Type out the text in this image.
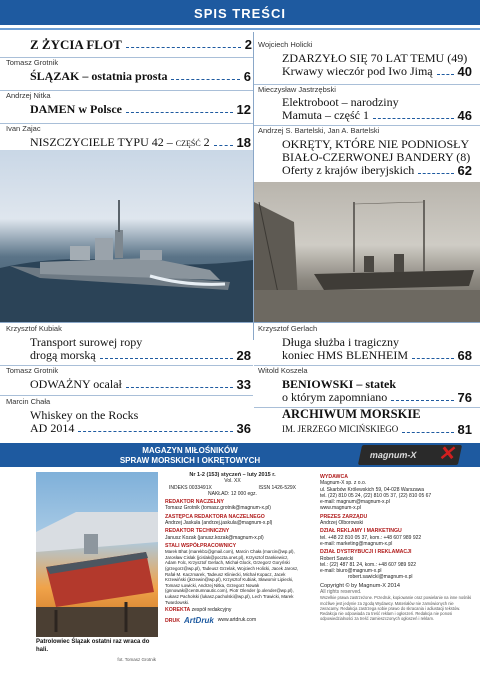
SPIS TREŚCI
Z ŻYCIA FLOT	2
Tomasz Grotnik
ŚLĄZAK – ostatnia prosta	6
Andrzej Nitka
DAMEN w Polsce	12
Ivan Zajac
NISZCZYCIELE TYPU 42 – część 2 18
Wojciech Holicki
ZDARZYŁO SIĘ 70 LAT TEMU (49)
Krwawy wieczór pod Iwo Jimą 40
Mieczysław Jastrzębski
Elektroboot – narodziny
Mamuta – część 1	46
Andrzej S. Bartelski, Jan A. Bartelski
OKRĘTY, KTÓRE NIE PODNIOSŁY
BIAŁO-CZERWONEJ BANDERY (8)
Oferty z krajów iberyjskich	62
Krzysztof Kubiak
Transport surowej ropy
drogą morską	28
Tomasz Grotnik
ODWAŻNY ocalał	33
Marcin Chała
Whiskey on the Rocks
AD 2014	36
Krzysztof Gerlach
Długa służba i tragiczny
koniec HMS BLENHEIM	68
Witold Koszela
BENIOWSKI – statek
o którym zapomniano	76
ARCHIWUM MORSKIE
IM. JERZEGO MICIŃSKIEGO	81
MAGAZYN MIŁOŚNIKÓW
SPRAW MORSKICH I OKRĘTOWYCH
magnum-X ✕
Patrolowiec Ślązak ostatni raz wraca do hali.
fot. Tomasz Grotnik
Nr 1-2 (153) styczeń – luty 2015 r.
Vol. XX
INDEKS 0033491X	ISSN 1426-529X
NAKŁAD: 12 000 egz.
REDAKTOR NACZELNY
Tomasz Grotnik (tomasz.grotnik@magnum-x.pl)
ZASTĘPCA REDAKTORA NACZELNEGO
Andrzej Jaskuła (andrzej.jaskula@magnum-x.pl)
REDAKTOR TECHNICZNY
Janusz Kozak (janusz.kozak@magnum-x.pl)
STALI WSPÓŁPRACOWNICY
Marek Bhat (marekb1@gmail.com), Marcin Chała (marcin@wp.pl), Jarosław Cislak (jcislak@poczta.onet.pl), Krzysztof Dankiewicz, Adam Folc, Krzysztof Gerlach, Michał Glock, Grzegorz Goryński (grzegorz@wp.pl), Tadeusz Grzelak, Wojciech Holicki, Jacek Jarosz, Rafał M. Kaczmarek, Tadeusz Kliniecki, Michał Kopacz, Jacek Krzewiński (jkrzewin@wp.pl), Krzysztof Kubiak, Sławomir Lipiecki, Tomasz Łowicki, Andrzej Nitka, Grzegorz Nowak (gnnowak@centrumnautic.com), Piotr Olender (p.olender@wp.pl), Łukasz Pacholski (lukasz.pacholski@wp.pl), Lech Trawicki, Marek Twardowski.
KOREKTA zespół redakcyjny
DRUK ArtDruk www.artdruk.com
WYDAWCA
Magnum-X sp. z o.o.
ul. Skarbów Królewskich 59, 04-028 Warszawa
tel. (22) 810 05 24, (22) 810 05 37, (22) 810 05 67
e-mail: magnum@magnum-x.pl
www.magnum-x.pl
PREZES ZARZĄDU
Andrzej Olborowski
DZIAŁ REKLAMY I MARKETINGU
tel. +48 22 810 05 37, kom.: +48 607 989 922
e-mail: marketing@magnum-x.pl
DZIAŁ DYSTRYBUCJI I REKLAMACJI
Robert Sawicki
tel.: (22) 487 81 24, kom.: +48 607 989 922
e-mail: biuro@magnum-x.pl
robert.sawicki@magnum-x.pl
Copyright © by Magnum-X 2014
All rights reserved.
Wszelkie prawa zastrzeżone. Przedruk, kopiowanie oraz powielanie na inne nośniki możliwe jest jedynie za zgodą Wydawcy. Materiałów nie zamówionych nie zwracamy. Redakcja zastrzega sobie prawo do skracania i adiustacji tekstów. Redakcja nie odpowiada za treść reklam i ogłoszeń. Redakcja nie ponosi odpowiedzialności za treść zamieszczonych ogłoszeń i reklam.
